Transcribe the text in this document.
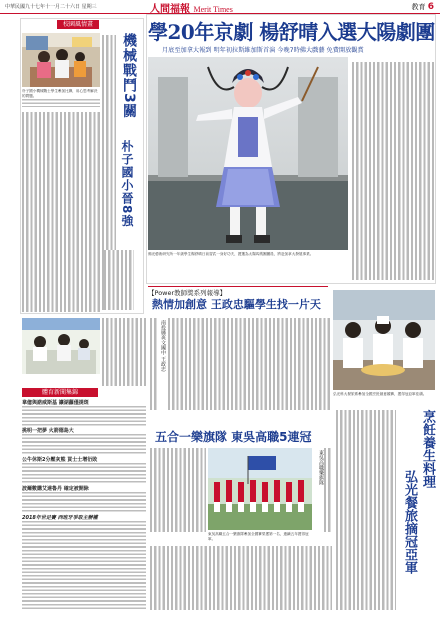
中華民國九十七年十一月二十六日 星期三	人間福報 Merit Times	教育 6
校園風情畫
朴子國小機械戰士學生參加比賽，用心思考解決的問題。	機械戰鬥3關
朴子國小晉8強
體育新聞集錦
韋億與諾威斯基 讓湖蘿僅提斑
挑明一把夢 火箭德島大
公牛休斯2分壓灰熊 買士士增衍敗
波爾數購艾達魯丹 確定被開除
2018年世足賽 西班牙爭取主辦權
學20年京劇 楊舒晴入選大陽劇團
月底至加拿大報到 明年初拉斯維加斯首演 今晚7時佛大戲藝 免費開放觀賞
佛光藝術研究所一年級學生楊舒晴日前習武一身好功夫，獲選為太陽馬戲團團員，將赴加拿大發展事業。
【Power教師獎系列報導】
熱情加創意 王政忠驅學生找一片天
南投縣爽文國中 王政忠
五合一樂旗隊 東吳高職5連冠
東吳高職五合一樂旗隊參加全國賽榮獲第一名，連續五年獲得冠軍。
東吳高職樂旗隊
弘光科大餐旅系參加全國烹飪創意競賽，獲得冠亞軍佳績。
烹飪養生料理
弘光餐旅摘冠亞軍
